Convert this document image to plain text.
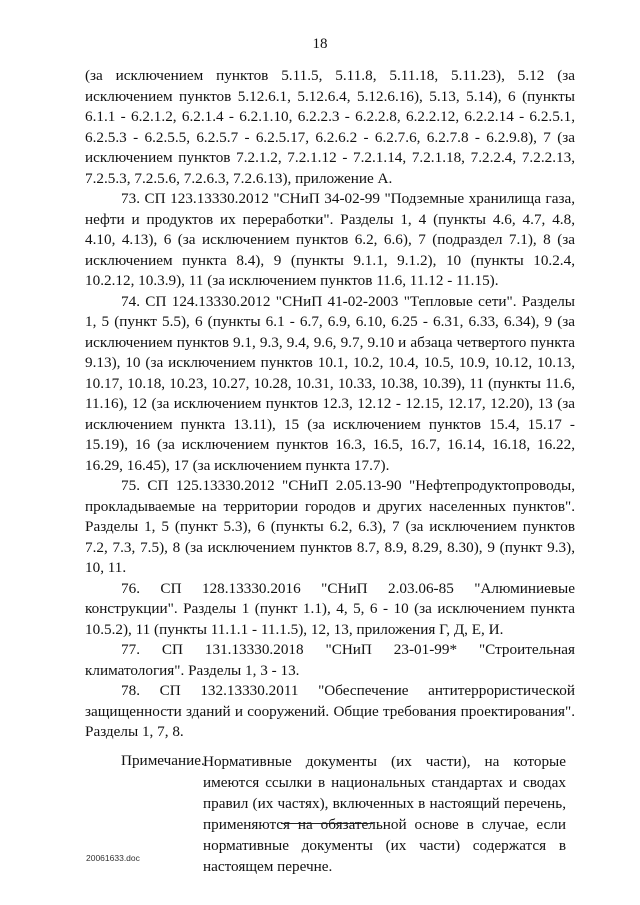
18

(за исключением пунктов 5.11.5, 5.11.8, 5.11.18, 5.11.23), 5.12 (за исключением пунктов 5.12.6.1, 5.12.6.4, 5.12.6.16), 5.13, 5.14), 6 (пункты 6.1.1 - 6.2.1.2, 6.2.1.4 - 6.2.1.10, 6.2.2.3 - 6.2.2.8, 6.2.2.12, 6.2.2.14 - 6.2.5.1, 6.2.5.3 - 6.2.5.5, 6.2.5.7 - 6.2.5.17, 6.2.6.2 - 6.2.7.6, 6.2.7.8 - 6.2.9.8), 7 (за исключением пунктов 7.2.1.2, 7.2.1.12 - 7.2.1.14, 7.2.1.18, 7.2.2.4, 7.2.2.13, 7.2.5.3, 7.2.5.6, 7.2.6.3, 7.2.6.13), приложение А.

73. СП 123.13330.2012 "СНиП 34-02-99 "Подземные хранилища газа, нефти и продуктов их переработки". Разделы 1, 4 (пункты 4.6, 4.7, 4.8, 4.10, 4.13), 6 (за исключением пунктов 6.2, 6.6), 7 (подраздел 7.1), 8 (за исключением пункта 8.4), 9 (пункты 9.1.1, 9.1.2), 10 (пункты 10.2.4, 10.2.12, 10.3.9), 11 (за исключением пунктов 11.6, 11.12 - 11.15).

74. СП 124.13330.2012 "СНиП 41-02-2003 "Тепловые сети". Разделы 1, 5 (пункт 5.5), 6 (пункты 6.1 - 6.7, 6.9, 6.10, 6.25 - 6.31, 6.33, 6.34), 9 (за исключением пунктов 9.1, 9.3, 9.4, 9.6, 9.7, 9.10 и абзаца четвертого пункта 9.13), 10 (за исключением пунктов 10.1, 10.2, 10.4, 10.5, 10.9, 10.12, 10.13, 10.17, 10.18, 10.23, 10.27, 10.28, 10.31, 10.33, 10.38, 10.39), 11 (пункты 11.6, 11.16), 12 (за исключением пунктов 12.3, 12.12 - 12.15, 12.17, 12.20), 13 (за исключением пункта 13.11), 15 (за исключением пунктов 15.4, 15.17 - 15.19), 16 (за исключением пунктов 16.3, 16.5, 16.7, 16.14, 16.18, 16.22, 16.29, 16.45), 17 (за исключением пункта 17.7).

75. СП 125.13330.2012 "СНиП 2.05.13-90 "Нефтепродуктопроводы, прокладываемые на территории городов и других населенных пунктов". Разделы 1, 5 (пункт 5.3), 6 (пункты 6.2, 6.3), 7 (за исключением пунктов 7.2, 7.3, 7.5), 8 (за исключением пунктов 8.7, 8.9, 8.29, 8.30), 9 (пункт 9.3), 10, 11.

76. СП 128.13330.2016 "СНиП 2.03.06-85 "Алюминиевые конструкции". Разделы 1 (пункт 1.1), 4, 5, 6 - 10 (за исключением пункта 10.5.2), 11 (пункты 11.1.1 - 11.1.5), 12, 13, приложения Г, Д, Е, И.

77. СП 131.13330.2018 "СНиП 23-01-99* "Строительная климатология". Разделы 1, 3 - 13.

78. СП 132.13330.2011 "Обеспечение антитеррористической защищенности зданий и сооружений. Общие требования проектирования". Разделы 1, 7, 8.

Примечание.
Нормативные документы (их части), на которые имеются ссылки в национальных стандартах и сводах правил (их частях), включенных в настоящий перечень, применяются на обязательной основе в случае, если нормативные документы (их части) содержатся в настоящем перечне.
20061633.doc
